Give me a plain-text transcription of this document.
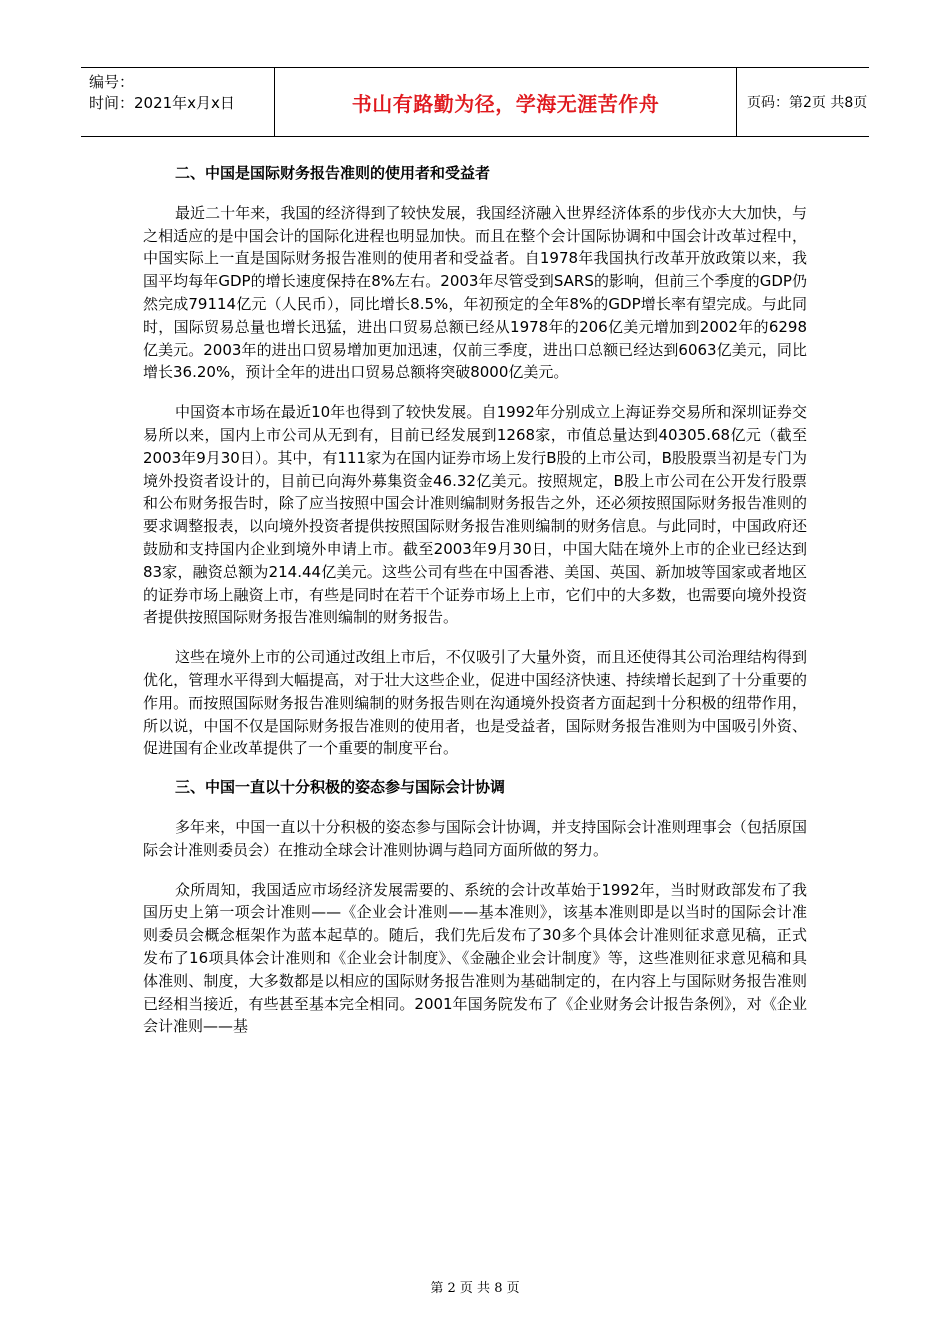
编号：
时间：2021年x月x日	书山有路勤为径，学海无涯苦作舟	页码：第2页 共8页

二、中国是国际财务报告准则的使用者和受益者

最近二十年来，我国的经济得到了较快发展，我国经济融入世界经济体系的步伐亦大大加快，与之相适应的是中国会计的国际化进程也明显加快。而且在整个会计国际协调和中国会计改革过程中，中国实际上一直是国际财务报告准则的使用者和受益者。自1978年我国执行改革开放政策以来，我国平均每年GDP的增长速度保持在8%左右。2003年尽管受到SARS的影响，但前三个季度的GDP仍然完成79114亿元（人民币），同比增长8.5%，年初预定的全年8%的GDP增长率有望完成。与此同时，国际贸易总量也增长迅猛，进出口贸易总额已经从1978年的206亿美元增加到2002年的6298亿美元。2003年的进出口贸易增加更加迅速，仅前三季度，进出口总额已经达到6063亿美元，同比增长36.20%，预计全年的进出口贸易总额将突破8000亿美元。

中国资本市场在最近10年也得到了较快发展。自1992年分别成立上海证券交易所和深圳证券交易所以来，国内上市公司从无到有，目前已经发展到1268家，市值总量达到40305.68亿元（截至2003年9月30日）。其中，有111家为在国内证券市场上发行B股的上市公司，B股股票当初是专门为境外投资者设计的，目前已向海外募集资金46.32亿美元。按照规定，B股上市公司在公开发行股票和公布财务报告时，除了应当按照中国会计准则编制财务报告之外，还必须按照国际财务报告准则的要求调整报表，以向境外投资者提供按照国际财务报告准则编制的财务信息。与此同时，中国政府还鼓励和支持国内企业到境外申请上市。截至2003年9月30日，中国大陆在境外上市的企业已经达到83家，融资总额为214.44亿美元。这些公司有些在中国香港、美国、英国、新加坡等国家或者地区的证券市场上融资上市，有些是同时在若干个证券市场上上市，它们中的大多数，也需要向境外投资者提供按照国际财务报告准则编制的财务报告。

这些在境外上市的公司通过改组上市后，不仅吸引了大量外资，而且还使得其公司治理结构得到优化，管理水平得到大幅提高，对于壮大这些企业，促进中国经济快速、持续增长起到了十分重要的作用。而按照国际财务报告准则编制的财务报告则在沟通境外投资者方面起到十分积极的纽带作用，所以说，中国不仅是国际财务报告准则的使用者，也是受益者，国际财务报告准则为中国吸引外资、促进国有企业改革提供了一个重要的制度平台。

三、中国一直以十分积极的姿态参与国际会计协调

多年来，中国一直以十分积极的姿态参与国际会计协调，并支持国际会计准则理事会（包括原国际会计准则委员会）在推动全球会计准则协调与趋同方面所做的努力。

众所周知，我国适应市场经济发展需要的、系统的会计改革始于1992年，当时财政部发布了我国历史上第一项会计准则——《企业会计准则——基本准则》，该基本准则即是以当时的国际会计准则委员会概念框架作为蓝本起草的。随后，我们先后发布了30多个具体会计准则征求意见稿，正式发布了16项具体会计准则和《企业会计制度》、《金融企业会计制度》等，这些准则征求意见稿和具体准则、制度，大多数都是以相应的国际财务报告准则为基础制定的，在内容上与国际财务报告准则已经相当接近，有些甚至基本完全相同。2001年国务院发布了《企业财务会计报告条例》，对《企业会计准则——基

第 2 页 共 8 页
